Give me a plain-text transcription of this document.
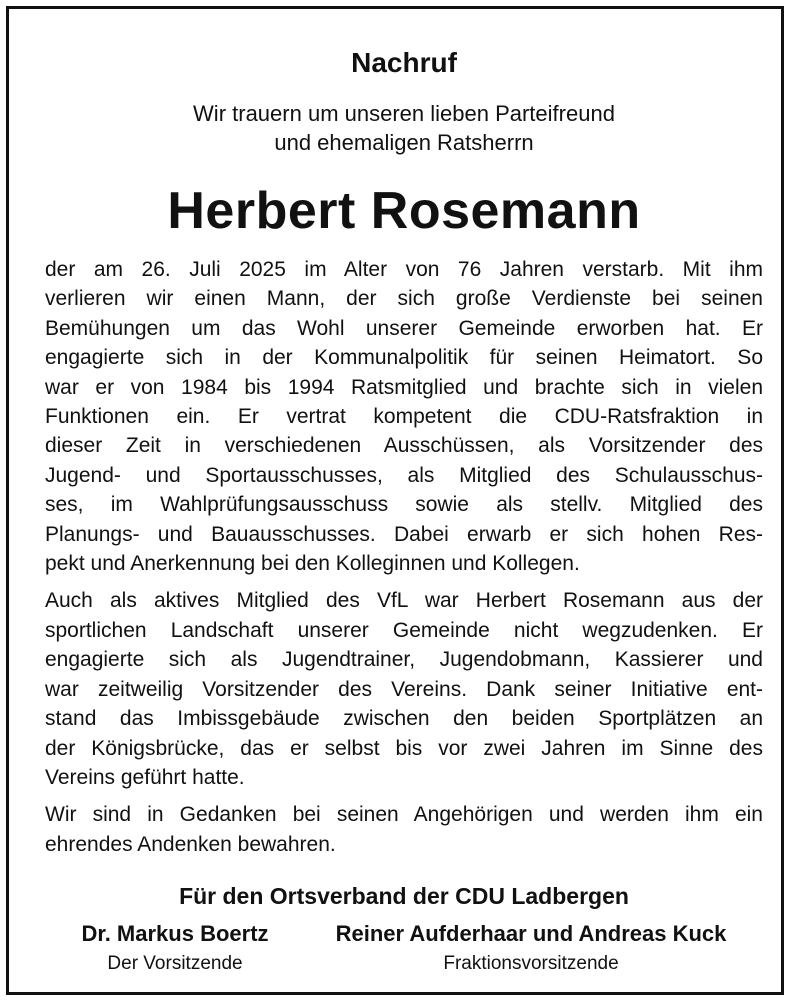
Nachruf
Wir trauern um unseren lieben Parteifreund
und ehemaligen Ratsherrn
Herbert Rosemann

der am 26. Juli 2025 im Alter von 76 Jahren verstarb. Mit ihm
verlieren wir einen Mann, der sich große Verdienste bei seinen
Bemühungen um das Wohl unserer Gemeinde erworben hat. Er
engagierte sich in der Kommunalpolitik für seinen Heimatort. So
war er von 1984 bis 1994 Ratsmitglied und brachte sich in vielen
Funktionen ein. Er vertrat kompetent die CDU-Ratsfraktion in
dieser Zeit in verschiedenen Ausschüssen, als Vorsitzender des
Jugend- und Sportausschusses, als Mitglied des Schulausschus-
ses, im Wahlprüfungsausschuss sowie als stellv. Mitglied des
Planungs- und Bauausschusses. Dabei erwarb er sich hohen Res-
pekt und Anerkennung bei den Kolleginnen und Kollegen.

Auch als aktives Mitglied des VfL war Herbert Rosemann aus der
sportlichen Landschaft unserer Gemeinde nicht wegzudenken. Er
engagierte sich als Jugendtrainer, Jugendobmann, Kassierer und
war zeitweilig Vorsitzender des Vereins. Dank seiner Initiative ent-
stand das Imbissgebäude zwischen den beiden Sportplätzen an
der Königsbrücke, das er selbst bis vor zwei Jahren im Sinne des
Vereins geführt hatte.

Wir sind in Gedanken bei seinen Angehörigen und werden ihm ein
ehrendes Andenken bewahren.

Für den Ortsverband der CDU Ladbergen
Dr. Markus Boertz
Der Vorsitzende
Reiner Aufderhaar und Andreas Kuck
Fraktionsvorsitzende
